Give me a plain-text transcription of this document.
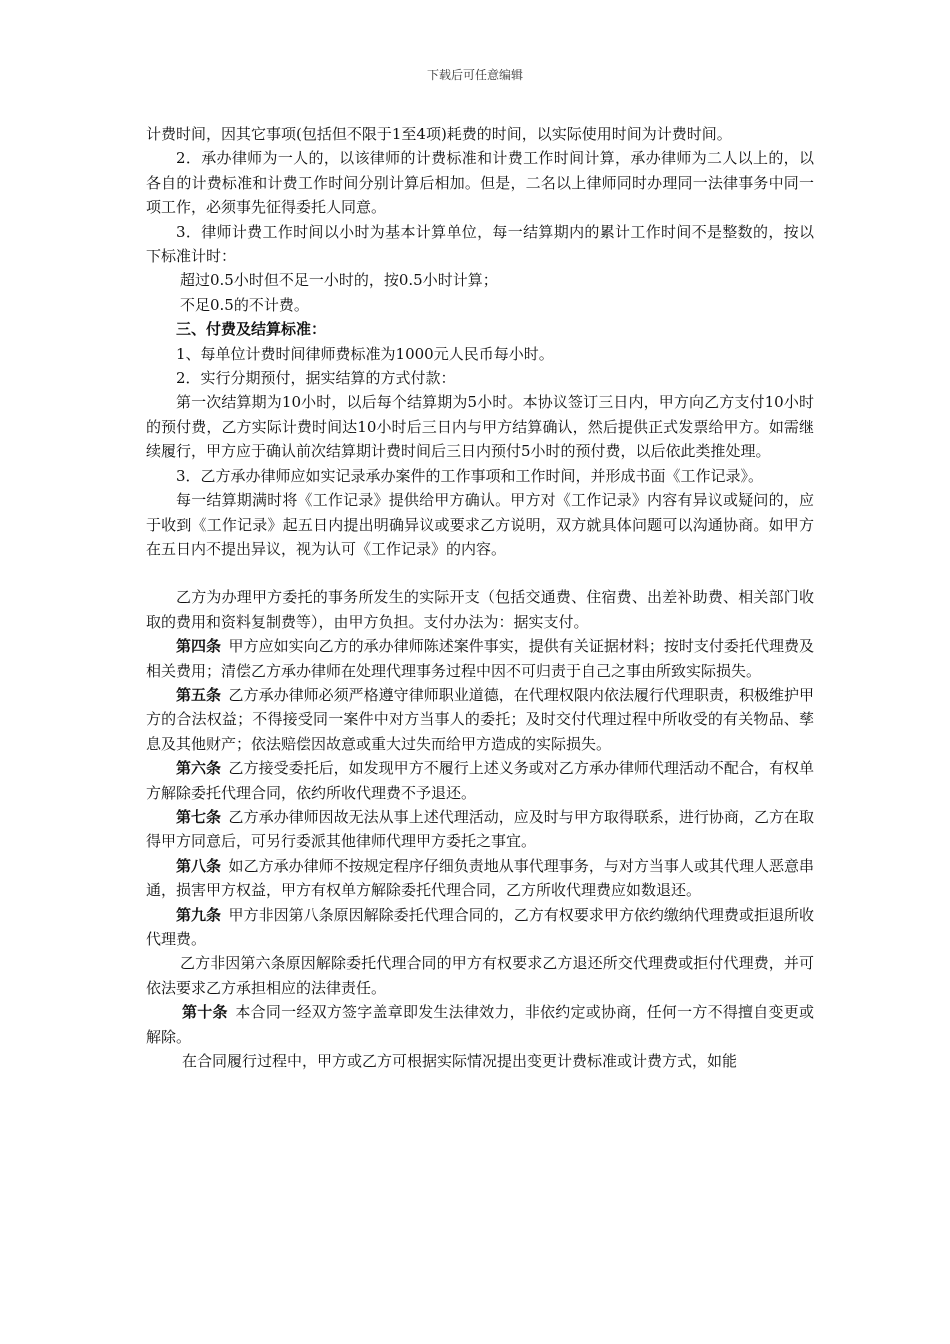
下载后可任意编辑

计费时间，因其它事项(包括但不限于1至4项)耗费的时间，以实际使用时间为计费时间。

2．承办律师为一人的，以该律师的计费标准和计费工作时间计算，承办律师为二人以上的，以各自的计费标准和计费工作时间分别计算后相加。但是，二名以上律师同时办理同一法律事务中同一项工作，必须事先征得委托人同意。

3．律师计费工作时间以小时为基本计算单位，每一结算期内的累计工作时间不是整数的，按以下标准计时：

超过0.5小时但不足一小时的，按0.5小时计算；

不足0.5的不计费。

三、付费及结算标准：

1、每单位计费时间律师费标准为1000元人民币每小时。

2．实行分期预付，据实结算的方式付款：

第一次结算期为10小时，以后每个结算期为5小时。本协议签订三日内，甲方向乙方支付10小时的预付费，乙方实际计费时间达10小时后三日内与甲方结算确认，然后提供正式发票给甲方。如需继续履行，甲方应于确认前次结算期计费时间后三日内预付5小时的预付费，以后依此类推处理。

3．乙方承办律师应如实记录承办案件的工作事项和工作时间，并形成书面《工作记录》。

每一结算期满时将《工作记录》提供给甲方确认。甲方对《工作记录》内容有异议或疑问的，应于收到《工作记录》起五日内提出明确异议或要求乙方说明，双方就具体问题可以沟通协商。如甲方在五日内不提出异议，视为认可《工作记录》的内容。

乙方为办理甲方委托的事务所发生的实际开支（包括交通费、住宿费、出差补助费、相关部门收取的费用和资料复制费等），由甲方负担。支付办法为：据实支付。

第四条  甲方应如实向乙方的承办律师陈述案件事实，提供有关证据材料；按时支付委托代理费及相关费用；清偿乙方承办律师在处理代理事务过程中因不可归责于自己之事由所致实际损失。

第五条  乙方承办律师必须严格遵守律师职业道德，在代理权限内依法履行代理职责，积极维护甲方的合法权益；不得接受同一案件中对方当事人的委托；及时交付代理过程中所收受的有关物品、孳息及其他财产；依法赔偿因故意或重大过失而给甲方造成的实际损失。

第六条  乙方接受委托后，如发现甲方不履行上述义务或对乙方承办律师代理活动不配合，有权单方解除委托代理合同，依约所收代理费不予退还。

第七条  乙方承办律师因故无法从事上述代理活动，应及时与甲方取得联系，进行协商，乙方在取得甲方同意后，可另行委派其他律师代理甲方委托之事宜。

第八条  如乙方承办律师不按规定程序仔细负责地从事代理事务，与对方当事人或其代理人恶意串通，损害甲方权益，甲方有权单方解除委托代理合同，乙方所收代理费应如数退还。

第九条  甲方非因第八条原因解除委托代理合同的，乙方有权要求甲方依约缴纳代理费或拒退所收代理费。

乙方非因第六条原因解除委托代理合同的甲方有权要求乙方退还所交代理费或拒付代理费，并可依法要求乙方承担相应的法律责任。

第十条  本合同一经双方签字盖章即发生法律效力，非依约定或协商，任何一方不得擅自变更或解除。

在合同履行过程中，甲方或乙方可根据实际情况提出变更计费标准或计费方式，如能
